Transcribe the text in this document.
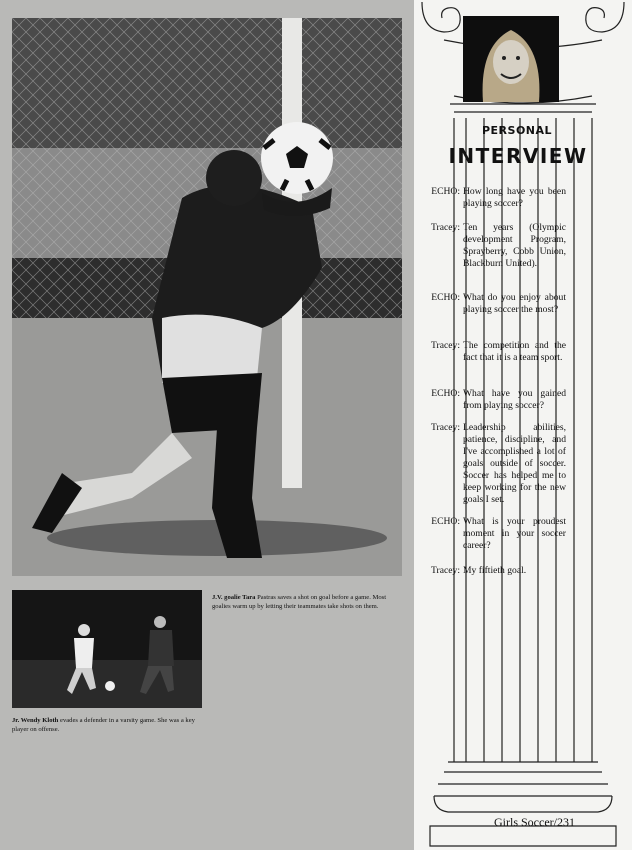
J.V. goalie Tara Pastras saves a shot on goal before a game. Most goalies warm up by letting their teammates take shots on them.
Jr. Wendy Kloth evades a defender in a varsity game. She was a key player on offense.
PERSONAL
INTERVIEW
ECHO: How long have you been playing soccer?
Tracey: Ten years (Olympic development Program, Sprayberry, Cobb Union, Blackburn United).
ECHO: What do you enjoy about playing soccer the most?
Tracey: The competition and the fact that it is a team sport.
ECHO: What have you gained from playing soccer?
Tracey: Leadership abilities, patience, discipline, and I've accomplished a lot of goals outside of soccer. Soccer has helped me to keep working for the new goals I set.
ECHO: What is your proudest moment in your soccer career?
Tracey: My fiftieth goal.
Girls Soccer/231
